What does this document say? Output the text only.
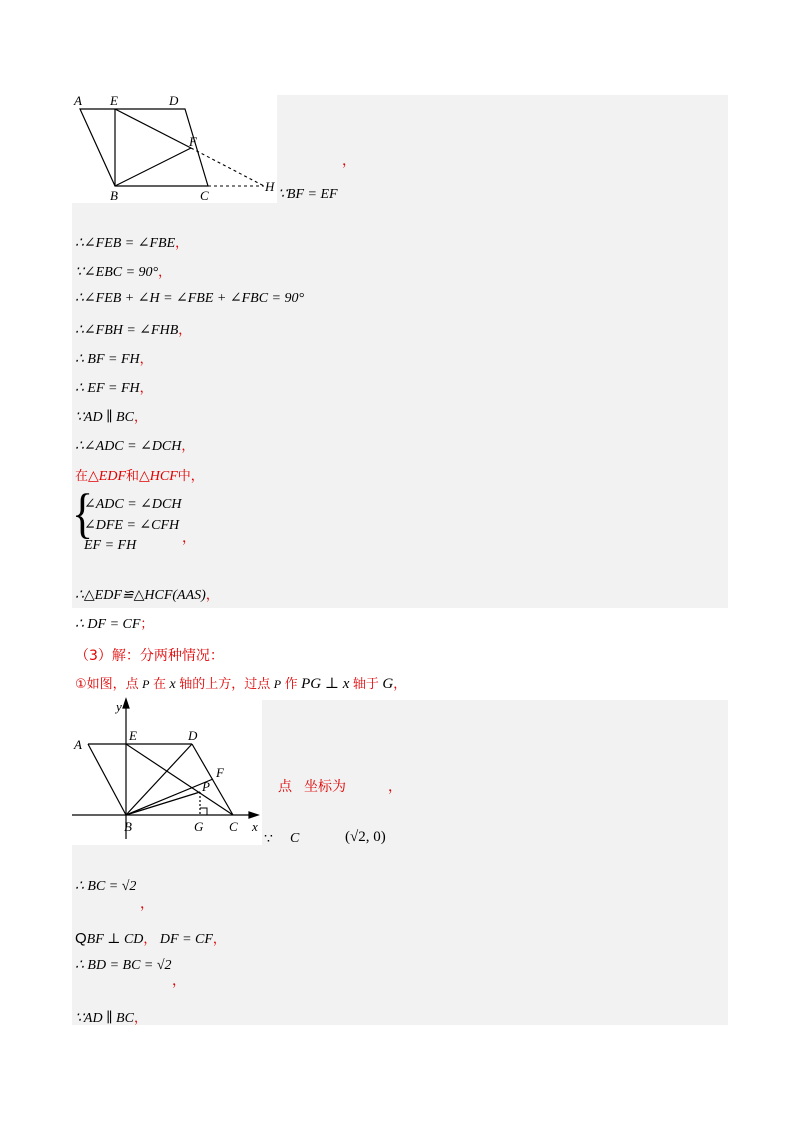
A E	D
F
B	C
H
，
∵BF = EF
∴∠FEB = ∠FBE，
∵∠EBC = 90°，
∴∠FEB + ∠H = ∠FBE + ∠FBC = 90°
∴∠FBH = ∠FHB，
∴ BF = FH，
∴ EF = FH，
∵AD ∥ BC，
∴∠ADC = ∠DCH，
在△EDF和△HCF中，
{
∠ADC = ∠DCH
∠DFE = ∠CFH
EF = FH	，
∴△EDF≌△HCF(AAS)，
∴ DF = CF；
（3）解：分两种情况：
①如图，点 P 在 x 轴的上方，过点 P 作 PG ⊥ x 轴于 G，
y
A
E	D
F
P
B	G C x
点 坐标为	，
∵ C	(√2, 0)
∴ BC = √2
，
QBF ⊥ CD， DF = CF，
∴ BD = BC = √2
，
∵AD ∥ BC，
